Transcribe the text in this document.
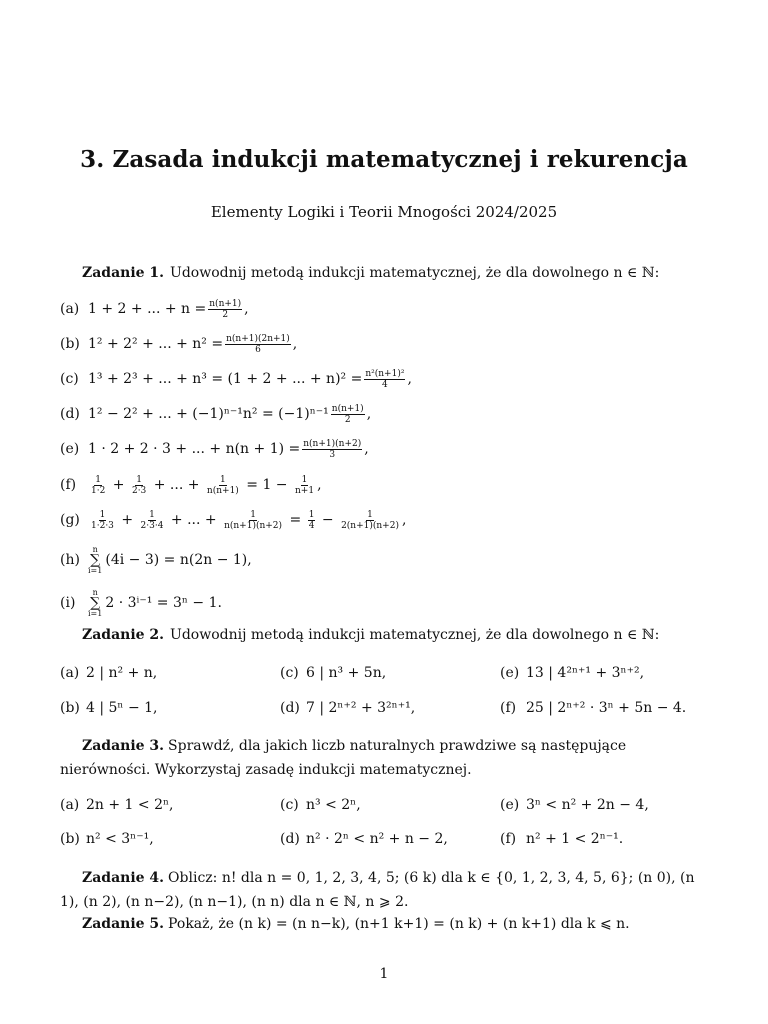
3. Zasada indukcji matematycznej i rekurencja
Elementy Logiki i Teorii Mnogości 2024/2025
Zadanie 1. Udowodnij metodą indukcji matematycznej, że dla dowolnego n ∈ ℕ:
(a) 1 + 2 + ... + $n = \frac{n(n+1)}{2}$ ,
(b) 1² + 2² + ... + $n^2 = \frac{n(n+1)(2n+1)}{6}$ ,
(c) 1³ + 2³ + ... + n³ = (1 + 2 + ... + $n)^2 = \frac{\text{n²(n+1)²}}{4}$ ,
(d) 1² − 2² + ... + $(-1)^{n-1}n^2 = (-1)^{n-1} \frac{n(n+1)}{2}$ ,
(e) 1 · 2 + 2 · 3 + ... + $n(n + 1) = \frac{n(n+1)(n+2)}{3}$ ,
(f)	$\frac{1}{1\cdot 2} + \frac{1}{2\cdot 3}$ + ... + $\frac{1}{n(n+1)} = 1 - \frac{1}{n+1}$ ,
(g)	$\frac{1}{1\cdot 2\cdot 3} + \frac{1}{2\cdot 3\cdot 4}$ + ... + $\frac{1}{n(n+1)(n+2)} = \frac{1}{4} - \frac{1}{2(n+1)(n+2)}$ ,
(h)
n
∑
i=1
(4i − 3) = n(2n − 1),
(i)
n
∑
i=1
2 · 3ⁱ⁻¹ = 3ⁿ − 1.
Zadanie 2. Udowodnij metodą indukcji matematycznej, że dla dowolnego n ∈ ℕ:
(a) 2 | n² + n,	(c) 6 | n³ + 5n,	(e) 13 | 4²ⁿ⁺¹ + 3ⁿ⁺²,
(b) 4 | 5ⁿ − 1,	(d) 7 | 2ⁿ⁺² + 3²ⁿ⁺¹,	(f) 25 | 2ⁿ⁺² · 3ⁿ + 5n − 4.
Zadanie 3. Sprawdź, dla jakich liczb naturalnych prawdziwe są następujące nierówności. Wykorzystaj zasadę indukcji matematycznej.
(a) 2n + 1 < 2ⁿ,	(c) n³ < 2ⁿ,	(e) 3ⁿ < n² + 2n − 4,
(b) n² < 3ⁿ⁻¹,	(d) n² · 2ⁿ < n² + n − 2,	(f) n² + 1 < 2ⁿ⁻¹.
Zadanie 4. Oblicz: n! dla n = 0, 1, 2, 3, 4, 5; (6 k) dla k ∈ {0, 1, 2, 3, 4, 5, 6}; (n 0), (n 1), (n 2), (n n−2), (n n−1), (n n) dla n ∈ ℕ, n ⩾ 2.
Zadanie 5. Pokaż, że (n k) = (n n−k), (n+1 k+1) = (n k) + (n k+1) dla k ⩽ n.
1
